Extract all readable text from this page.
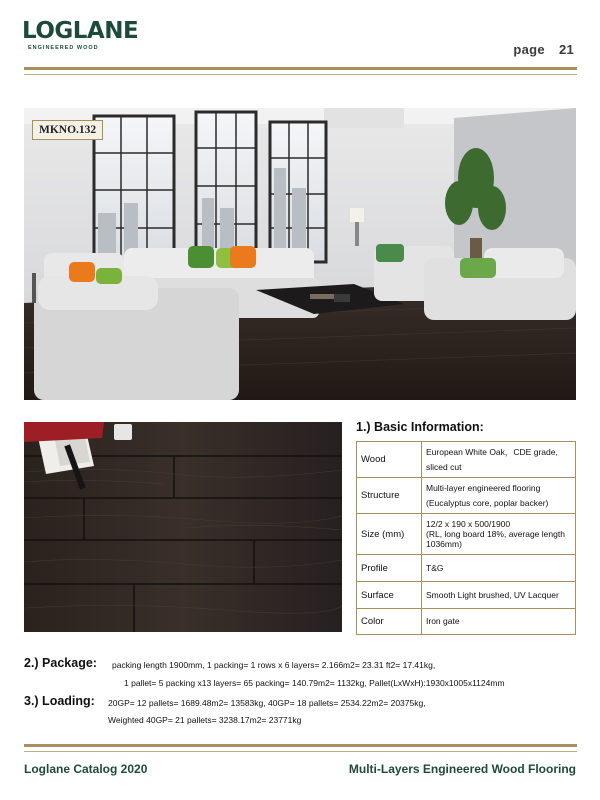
LOGLANE
ENGINEERED WOOD	page 21
MKNO.132
1.) Basic Information:
Wood	European White Oak，CDE grade, sliced cut
Structure	Multi-layer engineered flooring (Eucalyptus core, poplar backer)
Size (mm)	12/2 x 190 x 500/1900
(RL, long board 18%, average length 1036mm)
Profile	T&G
Surface	Smooth Light brushed, UV Lacquer
Color	Iron gate
2.) Package: packing length 1900mm, 1 packing= 1 rows x 6 layers= 2.166m2= 23.31 ft2= 17.41kg,
1 pallet= 5 packing x13 layers= 65 packing= 140.79m2= 1132kg, Pallet(LxWxH):1930x1005x1124mm
3.) Loading: 20GP= 12 pallets= 1689.48m2= 13583kg, 40GP= 18 pallets= 2534.22m2= 20375kg,
Weighted 40GP= 21 pallets= 3238.17m2= 23771kg
Loglane Catalog 2020	Multi-Layers Engineered Wood Flooring
